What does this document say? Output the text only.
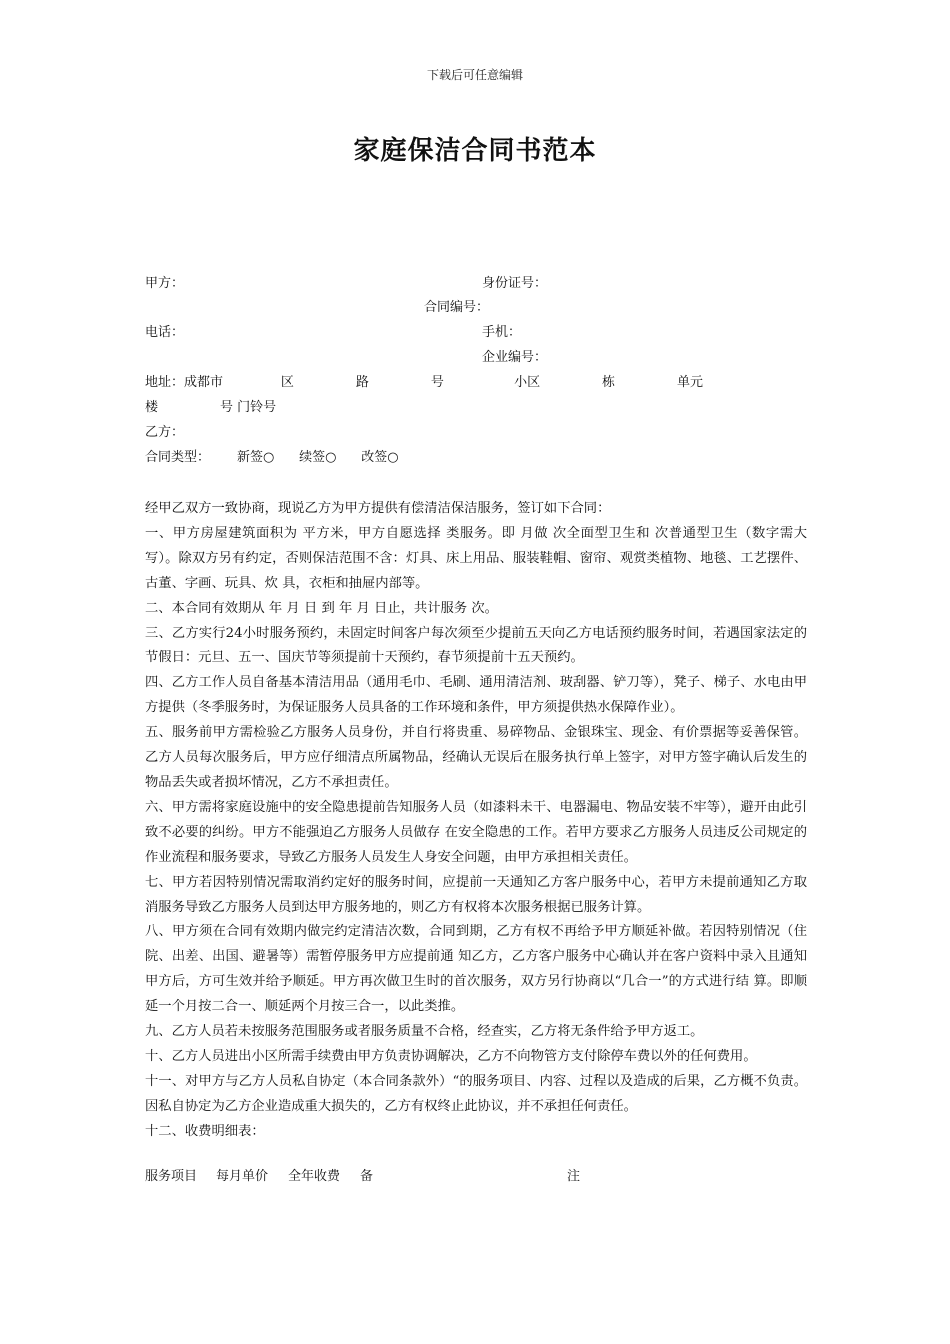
下载后可任意编辑
家庭保洁合同书范本
甲方：	身份证号：
合同编号：
电话：	手机：
企业编号：
地址：成都市              区               路               号                 小区               栋               单元
楼               号 门铃号
乙方：
合同类型： 新签○      续签○      改签○

经甲乙双方一致协商，现说乙方为甲方提供有偿清洁保洁服务，签订如下合同：

一、甲方房屋建筑面积为 平方米，甲方自愿选择 类服务。即 月做 次全面型卫生和 次普通型卫生（数字需大写）。除双方另有约定，否则保洁范围不含：灯具、床上用品、服装鞋帽、窗帘、观赏类植物、地毯、工艺摆件、古董、字画、玩具、炊 具，衣柜和抽屉内部等。

二、本合同有效期从 年 月 日 到 年 月 日止，共计服务 次。

三、乙方实行24小时服务预约，未固定时间客户每次须至少提前五天向乙方电话预约服务时间，若遇国家法定的节假日：元旦、五一、国庆节等须提前十天预约，春节须提前十五天预约。

四、乙方工作人员自备基本清洁用品（通用毛巾、毛刷、通用清洁剂、玻刮器、铲刀等），凳子、梯子、水电由甲方提供（冬季服务时，为保证服务人员具备的工作环境和条件，甲方须提供热水保障作业）。

五、服务前甲方需检验乙方服务人员身份，并自行将贵重、易碎物品、金银珠宝、现金、有价票据等妥善保管。乙方人员每次服务后，甲方应仔细清点所属物品，经确认无误后在服务执行单上签字，对甲方签字确认后发生的物品丢失或者损坏情况，乙方不承担责任。

六、甲方需将家庭设施中的安全隐患提前告知服务人员（如漆料未干、电器漏电、物品安装不牢等），避开由此引致不必要的纠纷。甲方不能强迫乙方服务人员做存 在安全隐患的工作。若甲方要求乙方服务人员违反公司规定的作业流程和服务要求，导致乙方服务人员发生人身安全问题，由甲方承担相关责任。

七、甲方若因特别情况需取消约定好的服务时间，应提前一天通知乙方客户服务中心，若甲方未提前通知乙方取消服务导致乙方服务人员到达甲方服务地的，则乙方有权将本次服务根据已服务计算。

八、甲方须在合同有效期内做完约定清洁次数，合同到期，乙方有权不再给予甲方顺延补做。若因特别情况（住院、出差、出国、避暑等）需暂停服务甲方应提前通 知乙方，乙方客户服务中心确认并在客户资料中录入且通知甲方后，方可生效并给予顺延。甲方再次做卫生时的首次服务，双方另行协商以“几合一”的方式进行结 算。即顺延一个月按二合一、顺延两个月按三合一，以此类推。

九、乙方人员若未按服务范围服务或者服务质量不合格，经查实，乙方将无条件给予甲方返工。

十、乙方人员进出小区所需手续费由甲方负责协调解决，乙方不向物管方支付除停车费以外的任何费用。

十一、对甲方与乙方人员私自协定（本合同条款外）“的服务项目、内容、过程以及造成的后果，乙方概不负责。因私自协定为乙方企业造成重大损失的，乙方有权终止此协议，并不承担任何责任。

十二、收费明细表：

服务项目 每月单价 全年收费 备	注
